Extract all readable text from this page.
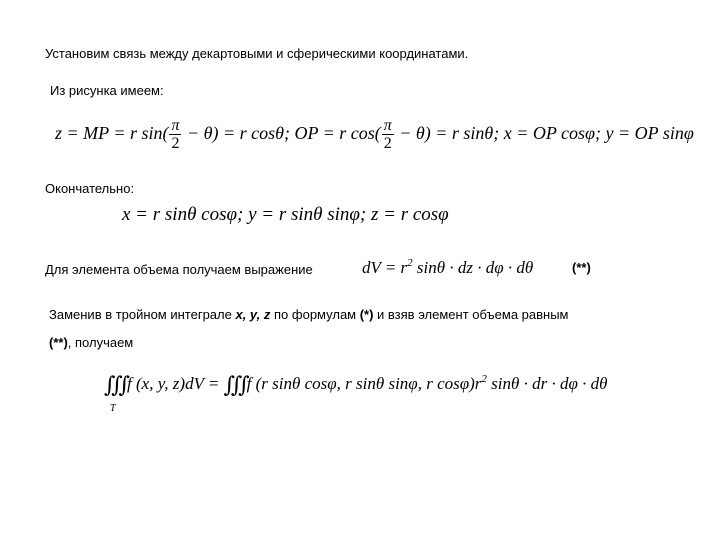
Установим связь между декартовыми и сферическими координатами.
Из рисунка имеем:
z = MP = r $\sin( \frac{\pi}{2} - \theta) = r$ cosθ; OP = r $\cos( \frac{\pi}{2} - \theta) = r$ sinθ; x = OP cosφ; y = OP sinφ
Окончательно:
x = r sinθ cosφ; y = r sinθ sinφ; z = r cosφ
Для элемента объема получаем выражение	dV = $r^2$ sinθ · dz · dφ · dθ	(**)
Заменив в тройном интеграле x, y, z по формулам (*) и взяв элемент объема равным
(**), получаем
∭f (x, y, z)dV = ∭f (r sinθ cosφ, r sinθ sinφ, r $\cos\varphi)r^2$ sinθ · dr · dφ · dθ
T
